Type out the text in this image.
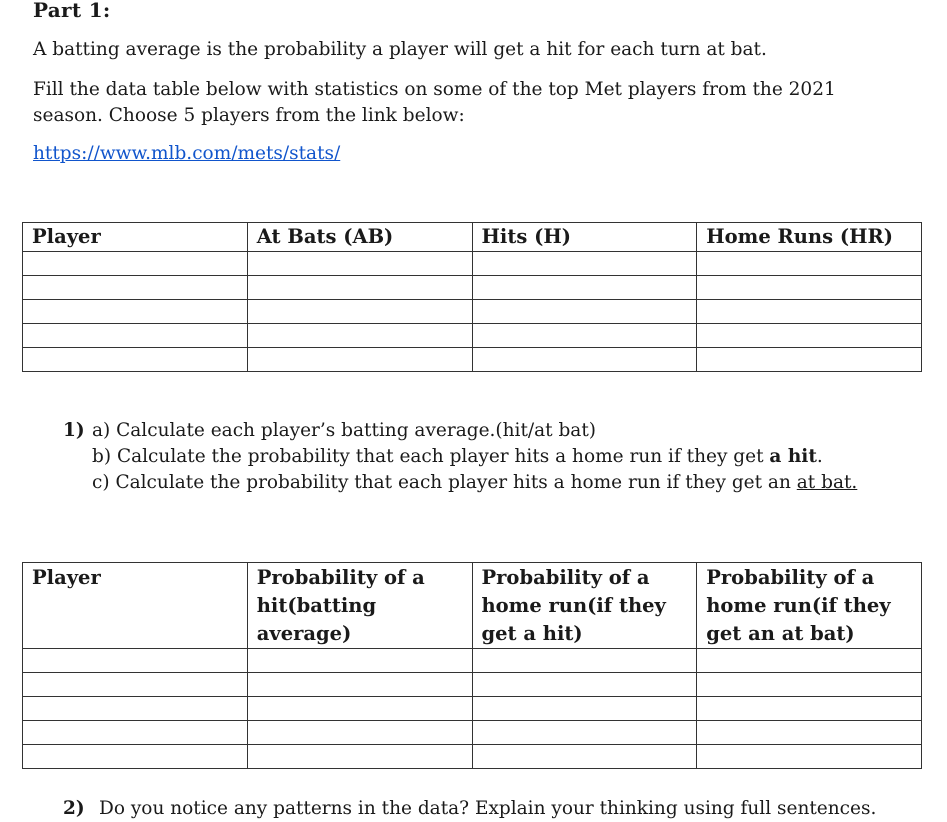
Part 1:
A batting average is the probability a player will get a hit for each turn at bat.
Fill the data table below with statistics on some of the top Met players from the 2021 season. Choose 5 players from the link below:
https://www.mlb.com/mets/stats/
Player	At Bats (AB)	Hits (H)	Home Runs (HR)

1) a) Calculate each player’s batting average.(hit/at bat)
b) Calculate the probability that each player hits a home run if they get a hit.
c) Calculate the probability that each player hits a home run if they get an at bat.
Player	Probability of a hit(batting average)	Probability of a home run(if they get a hit)	Probability of a home run(if they get an at bat)

2) Do you notice any patterns in the data? Explain your thinking using full sentences.
